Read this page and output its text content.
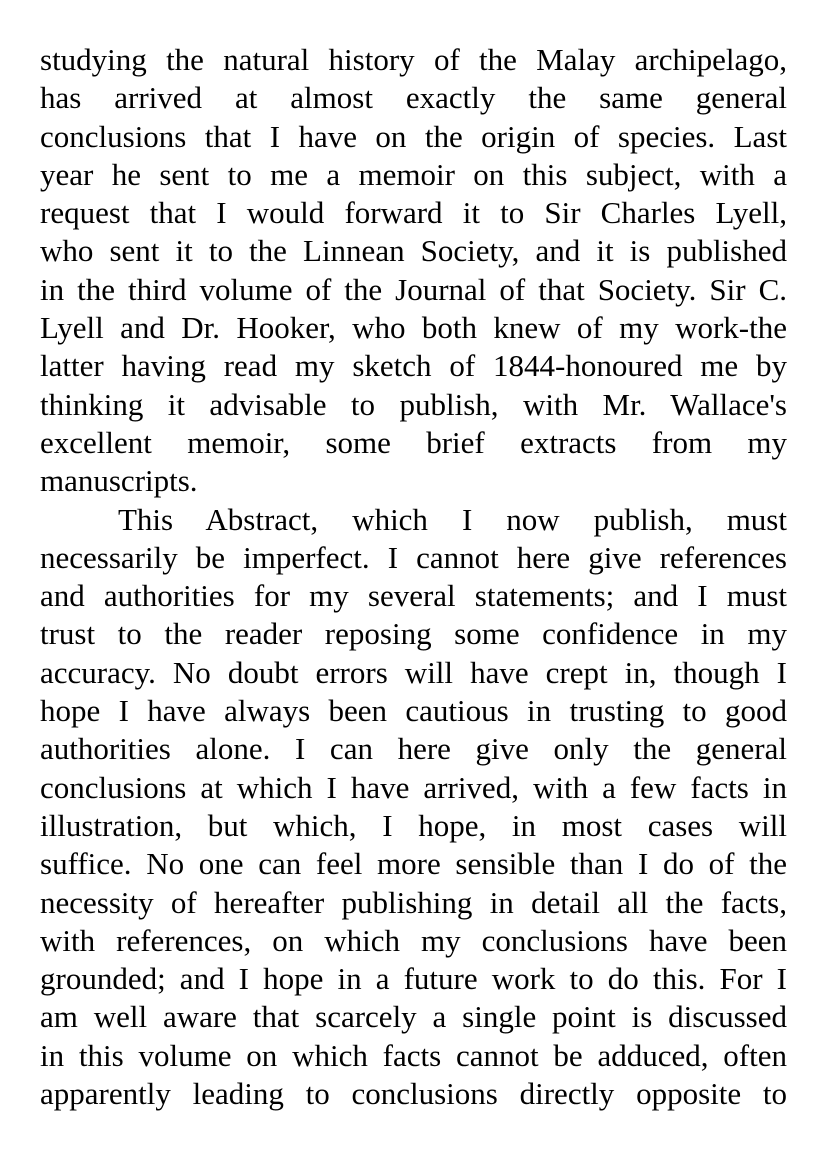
studying the natural history of the Malay archipelago,
has arrived at almost exactly the same general
conclusions that I have on the origin of species. Last
year he sent to me a memoir on this subject, with a
request that I would forward it to Sir Charles Lyell,
who sent it to the Linnean Society, and it is published
in the third volume of the Journal of that Society. Sir C.
Lyell and Dr. Hooker, who both knew of my work-the
latter having read my sketch of 1844-honoured me by
thinking it advisable to publish, with Mr. Wallace's
excellent memoir, some brief extracts from my
manuscripts.
This Abstract, which I now publish, must
necessarily be imperfect. I cannot here give references
and authorities for my several statements; and I must
trust to the reader reposing some confidence in my
accuracy. No doubt errors will have crept in, though I
hope I have always been cautious in trusting to good
authorities alone. I can here give only the general
conclusions at which I have arrived, with a few facts in
illustration, but which, I hope, in most cases will
suffice. No one can feel more sensible than I do of the
necessity of hereafter publishing in detail all the facts,
with references, on which my conclusions have been
grounded; and I hope in a future work to do this. For I
am well aware that scarcely a single point is discussed
in this volume on which facts cannot be adduced, often
apparently leading to conclusions directly opposite to
